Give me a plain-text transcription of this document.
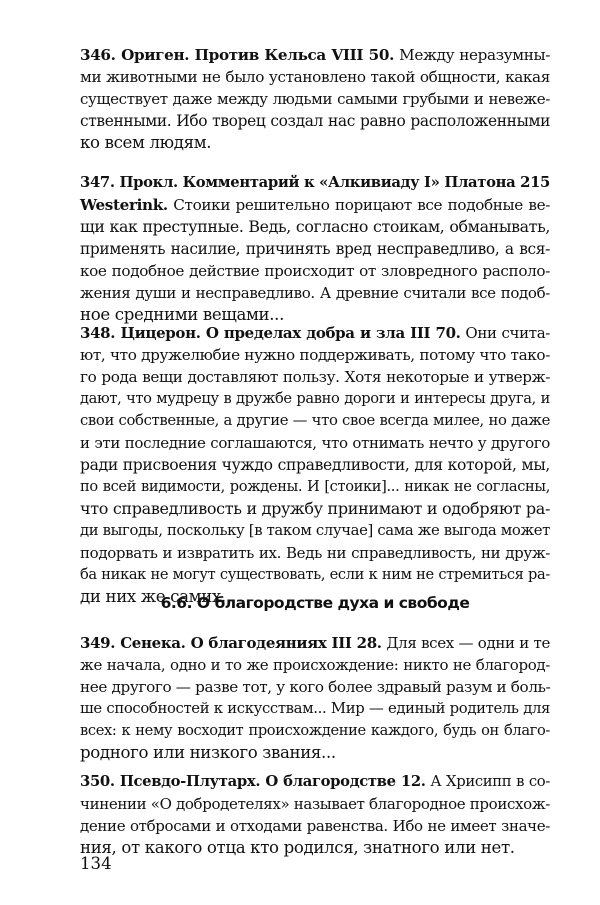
346. Ориген. Против Кельса VIII 50. Между неразумны-
ми животными не было установлено такой общности, какая
существует даже между людьми самыми грубыми и невеже-
ственными. Ибо творец создал нас равно расположенными
ко всем людям.
347. Прокл. Комментарий к «Алкивиаду I» Платона 215
Westerink. Стоики решительно порицают все подобные ве-
щи как преступные. Ведь, согласно стоикам, обманывать,
применять насилие, причинять вред несправедливо, а вся-
кое подобное действие происходит от зловредного располо-
жения души и несправедливо. А древние считали все подоб-
ное средними вещами...
348. Цицерон. О пределах добра и зла III 70. Они счита-
ют, что дружелюбие нужно поддерживать, потому что тако-
го рода вещи доставляют пользу. Хотя некоторые и утверж-
дают, что мудрецу в дружбе равно дороги и интересы друга, и
свои собственные, а другие — что свое всегда милее, но даже
и эти последние соглашаются, что отнимать нечто у другого
ради присвоения чуждо справедливости, для которой, мы,
по всей видимости, рождены. И [стоики]... никак не согласны,
что справедливость и дружбу принимают и одобряют ра-
ди выгоды, поскольку [в таком случае] сама же выгода может
подорвать и извратить их. Ведь ни справедливость, ни друж-
ба никак не могут существовать, если к ним не стремиться ра-
ди них же самих.
6.6. О благородстве духа и свободе
349. Сенека. О благодеяниях III 28. Для всех — одни и те
же начала, одно и то же происхождение: никто не благород-
нее другого — разве тот, у кого более здравый разум и боль-
ше способностей к искусствам... Мир — единый родитель для
всех: к нему восходит происхождение каждого, будь он благо-
родного или низкого звания...
350. Псевдо-Плутарх. О благородстве 12. А Хрисипп в со-
чинении «О добродетелях» называет благородное происхож-
дение отбросами и отходами равенства. Ибо не имеет значе-
ния, от какого отца кто родился, знатного или нет.
134
